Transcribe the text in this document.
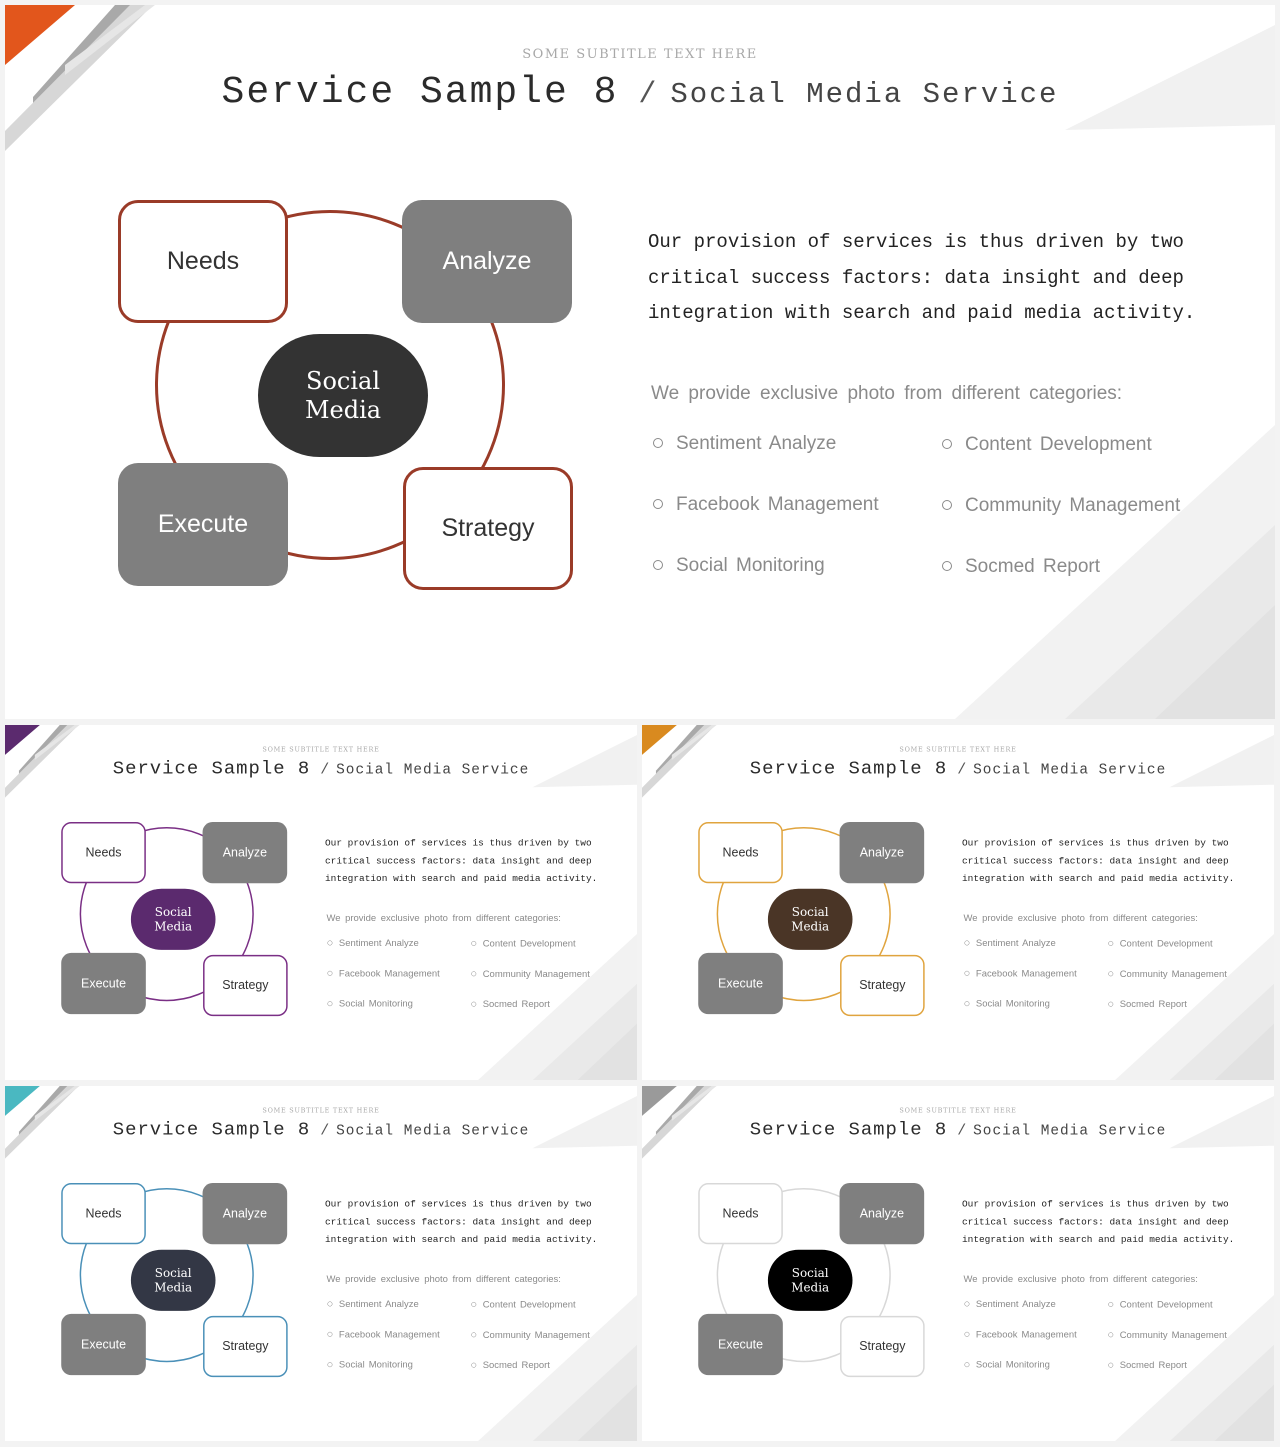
SOME SUBTITLE TEXT HERE
Service Sample 8 / Social Media Service
Needs	Analyze
Execute	Strategy
Social
Media
Our provision of services is thus driven by two critical success factors: data insight and deep integration with search and paid media activity.
We provide exclusive photo from different categories:
Sentiment Analyze	Content Development
Facebook Management	Community Management
Social Monitoring	Socmed Report
SOME SUBTITLE TEXT HERE
Service Sample 8 / Social Media Service
Needs	Analyze
Execute	Strategy
Social
Media
Our provision of services is thus driven by two critical success factors: data insight and deep integration with search and paid media activity.
We provide exclusive photo from different categories:
Sentiment Analyze	Content Development
Facebook Management	Community Management
Social Monitoring	Socmed Report
SOME SUBTITLE TEXT HERE
Service Sample 8 / Social Media Service
Needs	Analyze
Execute	Strategy
Social
Media
Our provision of services is thus driven by two critical success factors: data insight and deep integration with search and paid media activity.
We provide exclusive photo from different categories:
Sentiment Analyze	Content Development
Facebook Management	Community Management
Social Monitoring	Socmed Report
SOME SUBTITLE TEXT HERE
Service Sample 8 / Social Media Service
Needs	Analyze
Execute	Strategy
Social
Media
Our provision of services is thus driven by two critical success factors: data insight and deep integration with search and paid media activity.
We provide exclusive photo from different categories:
Sentiment Analyze	Content Development
Facebook Management	Community Management
Social Monitoring	Socmed Report
SOME SUBTITLE TEXT HERE
Service Sample 8 / Social Media Service
Needs	Analyze
Execute	Strategy
Social
Media
Our provision of services is thus driven by two critical success factors: data insight and deep integration with search and paid media activity.
We provide exclusive photo from different categories:
Sentiment Analyze	Content Development
Facebook Management	Community Management
Social Monitoring	Socmed Report
